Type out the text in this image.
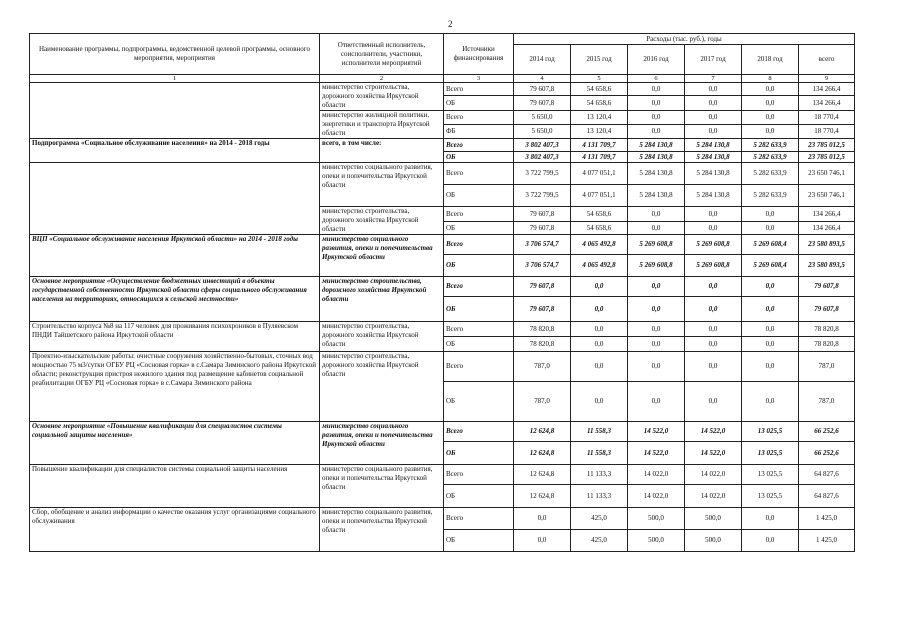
2
Наименование программы, подпрограммы, ведомственной целевой программы, основного мероприятия, мероприятия	Ответственный исполнитель, соисполнители, участники, исполнители мероприятий	Источники финансирования	Расходы (тыс. руб.), годы					
			2014 год	2015 год	2016 год	2017 год	2018 год	всего
1	2	3	4	5	6	7	8	9
	министерство строительства, дорожного хозяйства Иркутской области	Всего	79 607,8	54 658,6	0,0	0,0	0,0	134 266,4
		ОБ	79 607,8	54 658,6	0,0	0,0	0,0	134 266,4
	министерство жилищной политики, энергетики и транспорта Иркутской области	Всего	5 650,0	13 120,4	0,0	0,0	0,0	18 770,4
		ФБ	5 650,0	13 120,4	0,0	0,0	0,0	18 770,4
Подпрограмма «Социальное обслуживание населения» на 2014 - 2018 годы	всего, в том числе:	Всего	3 802 407,3	4 131 709,7	5 284 130,8	5 284 130,8	5 282 633,9	23 785 012,5
		ОБ	3 802 407,3	4 131 709,7	5 284 130,8	5 284 130,8	5 282 633,9	23 785 012,5
	министерство социального развития, опеки и попечительства Иркутской области	Всего	3 722 799,5	4 077 051,1	5 284 130,8	5 284 130,8	5 282 633,9	23 650 746,1
		ОБ	3 722 799,5	4 077 051,1	5 284 130,8	5 284 130,8	5 282 633,9	23 650 746,1
	министерство строительства, дорожного хозяйства Иркутской области	Всего	79 607,8	54 658,6	0,0	0,0	0,0	134 266,4
		ОБ	79 607,8	54 658,6	0,0	0,0	0,0	134 266,4
ВЦП «Социальное обслуживание населения Иркутской области» на 2014 - 2018 годы	министерство социального развития, опеки и попечительства Иркутской области	Всего	3 706 574,7	4 065 492,8	5 269 608,8	5 269 608,8	5 269 608,4	23 580 893,5
		ОБ	3 706 574,7	4 065 492,8	5 269 608,8	5 269 608,8	5 269 608,4	23 580 893,5
Основное мероприятие «Осуществление бюджетных инвестиций в объекты государственной собственности Иркутской области сферы социального обслуживания населения на территориях, относящихся к сельской местности»	министерство строительства, дорожного хозяйства Иркутской области	Всего	79 607,8	0,0	0,0	0,0	0,0	79 607,8
		ОБ	79 607,8	0,0	0,0	0,0	0,0	79 607,8
Строительство корпуса №8 на 117 человек для проживания психохроников в Пуляевском ПНДИ Тайшетского района Иркутской области	министерство строительства, дорожного хозяйства Иркутской области	Всего	78 820,8	0,0	0,0	0,0	0,0	78 820,8
		ОБ	78 820,8	0,0	0,0	0,0	0,0	78 820,8
Проектно-изыскательские работы: очистные сооружения хозяйственно-бытовых, сточных вод мощностью 75 м3/сутки ОГБУ РЦ «Сосновая горка» в с.Самара Зиминского района Иркутской области; реконструкция пристроя нежилого здания под размещение кабинетов социальной реабилитации ОГБУ РЦ «Сосновая горка» в с.Самара Зиминского района	министерство строительства, дорожного хозяйства Иркутской области	Всего	787,0	0,0	0,0	0,0	0,0	787,0
		ОБ	787,0	0,0	0,0	0,0	0,0	787,0
Основное мероприятие «Повышение квалификации для специалистов системы социальной защиты населения»	министерство социального развития, опеки и попечительства Иркутской области	Всего	12 624,8	11 558,3	14 522,0	14 522,0	13 025,5	66 252,6
		ОБ	12 624,8	11 558,3	14 522,0	14 522,0	13 025,5	66 252,6
Повышение квалификации для специалистов системы социальной защиты населения	министерство социального развития, опеки и попечительства Иркутской области	Всего	12 624,8	11 133,3	14 022,0	14 022,0	13 025,5	64 827,6
		ОБ	12 624,8	11 133,3	14 022,0	14 022,0	13 025,5	64 827,6
Сбор, обобщение и анализ информации о качестве оказания услуг организациями социального обслуживания	министерство социального развития, опеки и попечительства Иркутской области	Всего	0,0	425,0	500,0	500,0	0,0	1 425,0
		ОБ	0,0	425,0	500,0	500,0	0,0	1 425,0
